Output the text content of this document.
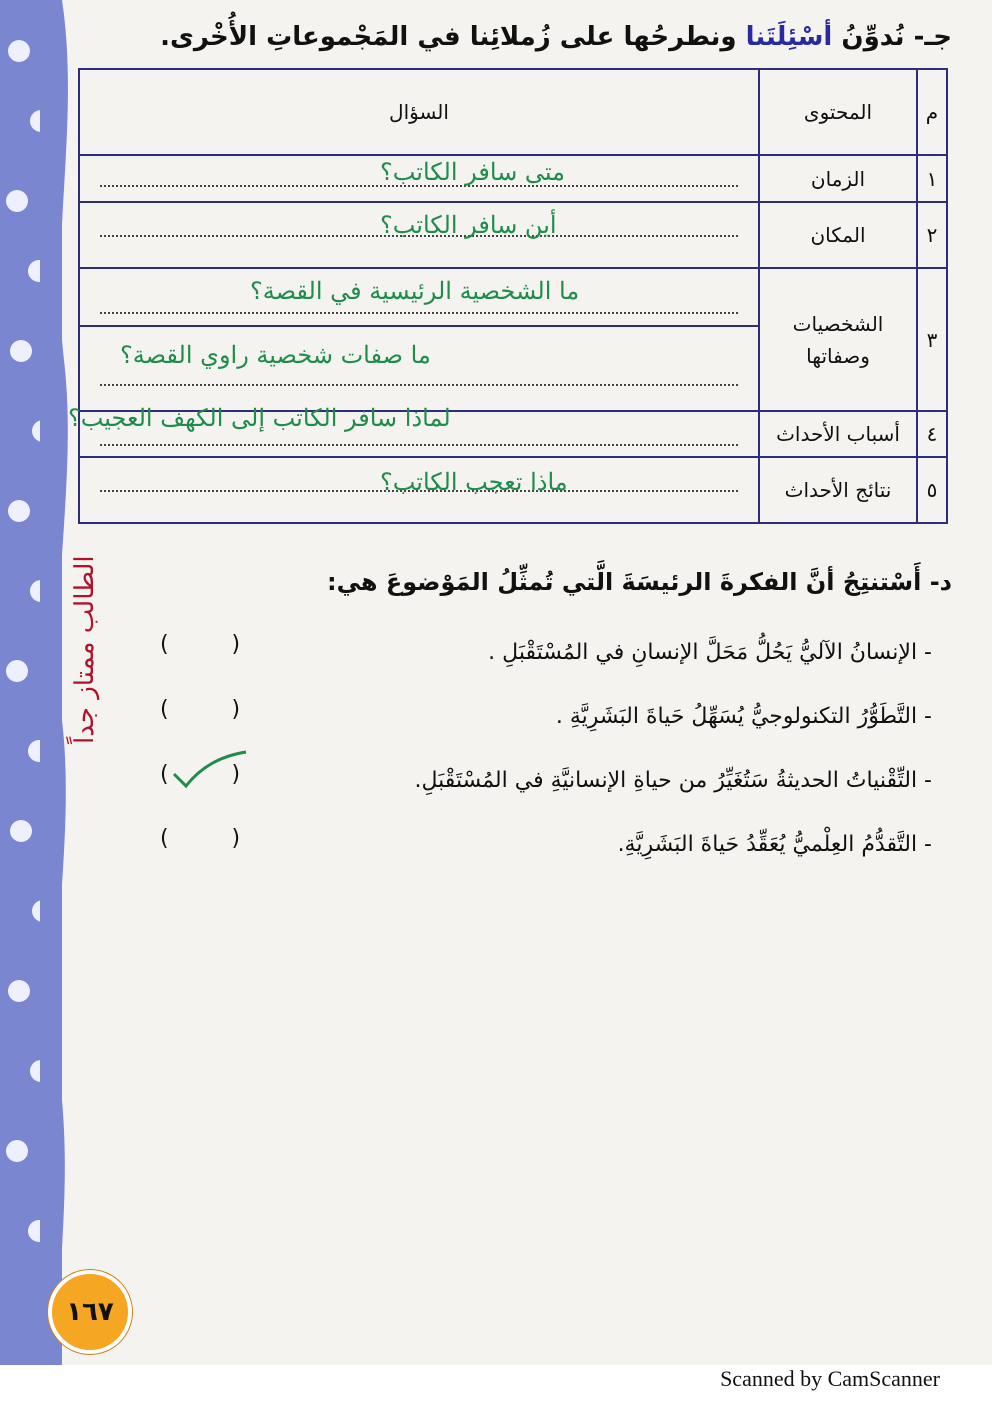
جـ- نُدوِّنُ أسْئِلَتَنا ونطرحُها على زُملائِنا في المَجْموعاتِ الأُخْرى.
م	المحتوى	السؤال
١	الزمان	متى سافر الكاتب؟

٢	المكان	أين سافر الكاتب؟

٣	الشخصيات وصفاتها	ما الشخصية الرئيسية في القصة؟
ما صفات شخصية راوي القصة؟

٤	أسباب الأحداث	لماذا سافر الكاتب إلى الكهف العجيب؟

٥	نتائج الأحداث	ماذا تعجب الكاتب؟
الطالب ممتاز جداً	د- أَسْتنتِجُ أنَّ الفكرةَ الرئيسَةَ الَّتي تُمثِّلُ المَوْضوعَ هي:
- الإنسانُ الآليُّ يَحُلُّ مَحَلَّ الإنسانِ في المُسْتَقْبَلِ .
(         )
- التَّطَوُّرُ التكنولوجيُّ يُسَهِّلُ حَياةَ البَشَرِيَّةِ .
(         )
- التِّقْنياتُ الحديثةُ سَتُغَيِّرُ من حياةِ الإنسانيَّةِ في المُسْتَقْبَلِ.
(         )
- التَّقدُّمُ العِلْميُّ يُعَقِّدُ حَياةَ البَشَرِيَّةِ.
(         )
١٦٧
Scanned by CamScanner
